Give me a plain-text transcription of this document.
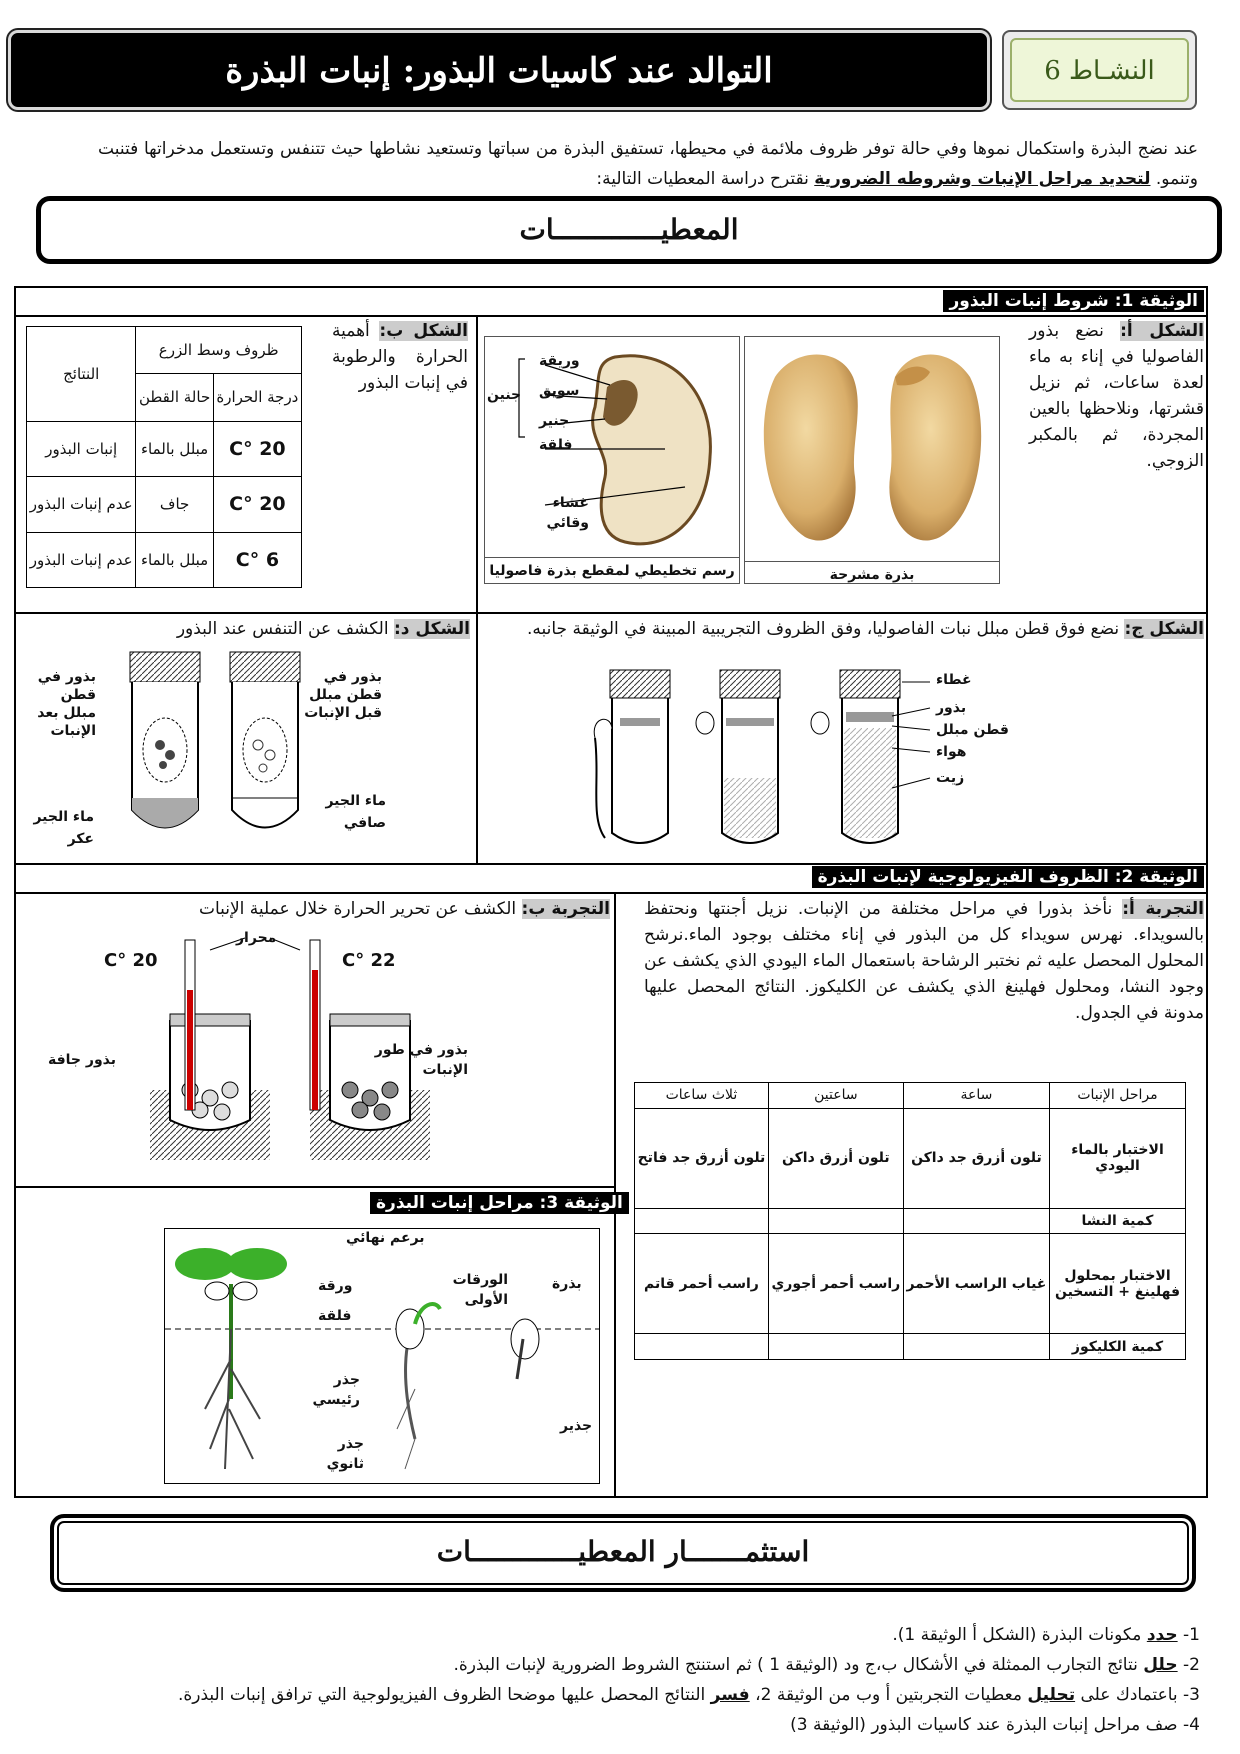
التوالد عند كاسيات البذور: إنبات البذرة	النشـاط 6
عند نضج البذرة واستكمال نموها وفي حالة توفر ظروف ملائمة في محيطها، تستفيق البذرة من سباتها وتستعيد نشاطها حيث تتنفس وتستعمل مدخراتها فتنبت وتنمو. لتحديد مراحل الإنبات وشروطه الضرورية نقترح دراسة المعطيات التالية:
المعطيـــــــــــــات
الوثيقة 1: شروط إنبات البذور
الشكل أ: نضع بذور الفاصوليا في إناء به ماء لعدة ساعات، ثم نزيل قشرتها، ونلاحظها بالعين المجردة، ثم بالمكبر الزوجي.
بذرة مشرحة
وريقة
سويق
جنير
فلقة
غشاء وقائي
جنين
رسم تخطيطي لمقطع بذرة فاصوليا
الشكل ب: أهمية الحرارة والرطوبة في إنبات البذور
ظروف وسط الزرع		النتائج
درجة الحرارة	حالة القطن	
20 °C	مبلل بالماء	إنبات البذور
20 °C	جاف	عدم إنبات البذور
6 °C	مبلل بالماء	عدم إنبات البذور
الشكل ج: نضع فوق قطن مبلل نبات الفاصوليا، وفق الظروف التجريبية المبينة في الوثيقة جانبه.
غطاء
بذور
قطن مبلل
هواء
زيت
الشكل د: الكشف عن التنفس عند البذور
بذور في قطن مبلل بعد الإنبات
بذور في قطن مبلل قبل الإنبات
ماء الجير عكر
ماء الجير صافي
الوثيقة 2: الظروف الفيزيولوجية لإنبات البذرة
التجربة أ: نأخذ بذورا في مراحل مختلفة من الإنبات. نزيل أجنتها ونحتفظ بالسويداء. نهرس سويداء كل من البذور في إناء مختلف بوجود الماء.نرشح المحلول المحصل عليه ثم نختبر الرشاحة باستعمال الماء اليودي الذي يكشف عن وجود النشا، ومحلول فهلينغ الذي يكشف عن الكليكوز. النتائج المحصل عليها مدونة في الجدول.
مراحل الإنبات	ساعة	ساعتين	ثلاث ساعات
الاختبار بالماء اليودي	تلون أزرق جد داكن	تلون أزرق داكن	تلون أزرق جد فاتح
كمية النشا			
الاختبار بمحلول فهلينغ + التسخين	غياب الراسب الأحمر	راسب أحمر أجوري	راسب أحمر قاتم
كمية الكليكوز			
التجربة ب: الكشف عن تحرير الحرارة خلال عملية الإنبات
محرار
20 °C	22 °C
بذور جافة
بذور في طور الإنبات
الوثيقة 3: مراحل إنبات البذرة
برعم نهائي
ورقة
فلقة
الورقات الأولى
بذرة
جذر رئيسي
جذر ثانوي
جذير
استثمـــــــار المعطيـــــــــــــات
1- حدد مكونات البذرة (الشكل أ الوثيقة 1).
2- حلل نتائج التجارب الممثلة في الأشكال ب،ج ود (الوثيقة 1 ) ثم استنتج الشروط الضرورية لإنبات البذرة.
3- باعتمادك على تحليل معطيات التجربتين أ وب من الوثيقة 2، فسر النتائج المحصل عليها موضحا الظروف الفيزيولوجية التي ترافق إنبات البذرة.
4- صف مراحل إنبات البذرة عند كاسيات البذور (الوثيقة 3)
